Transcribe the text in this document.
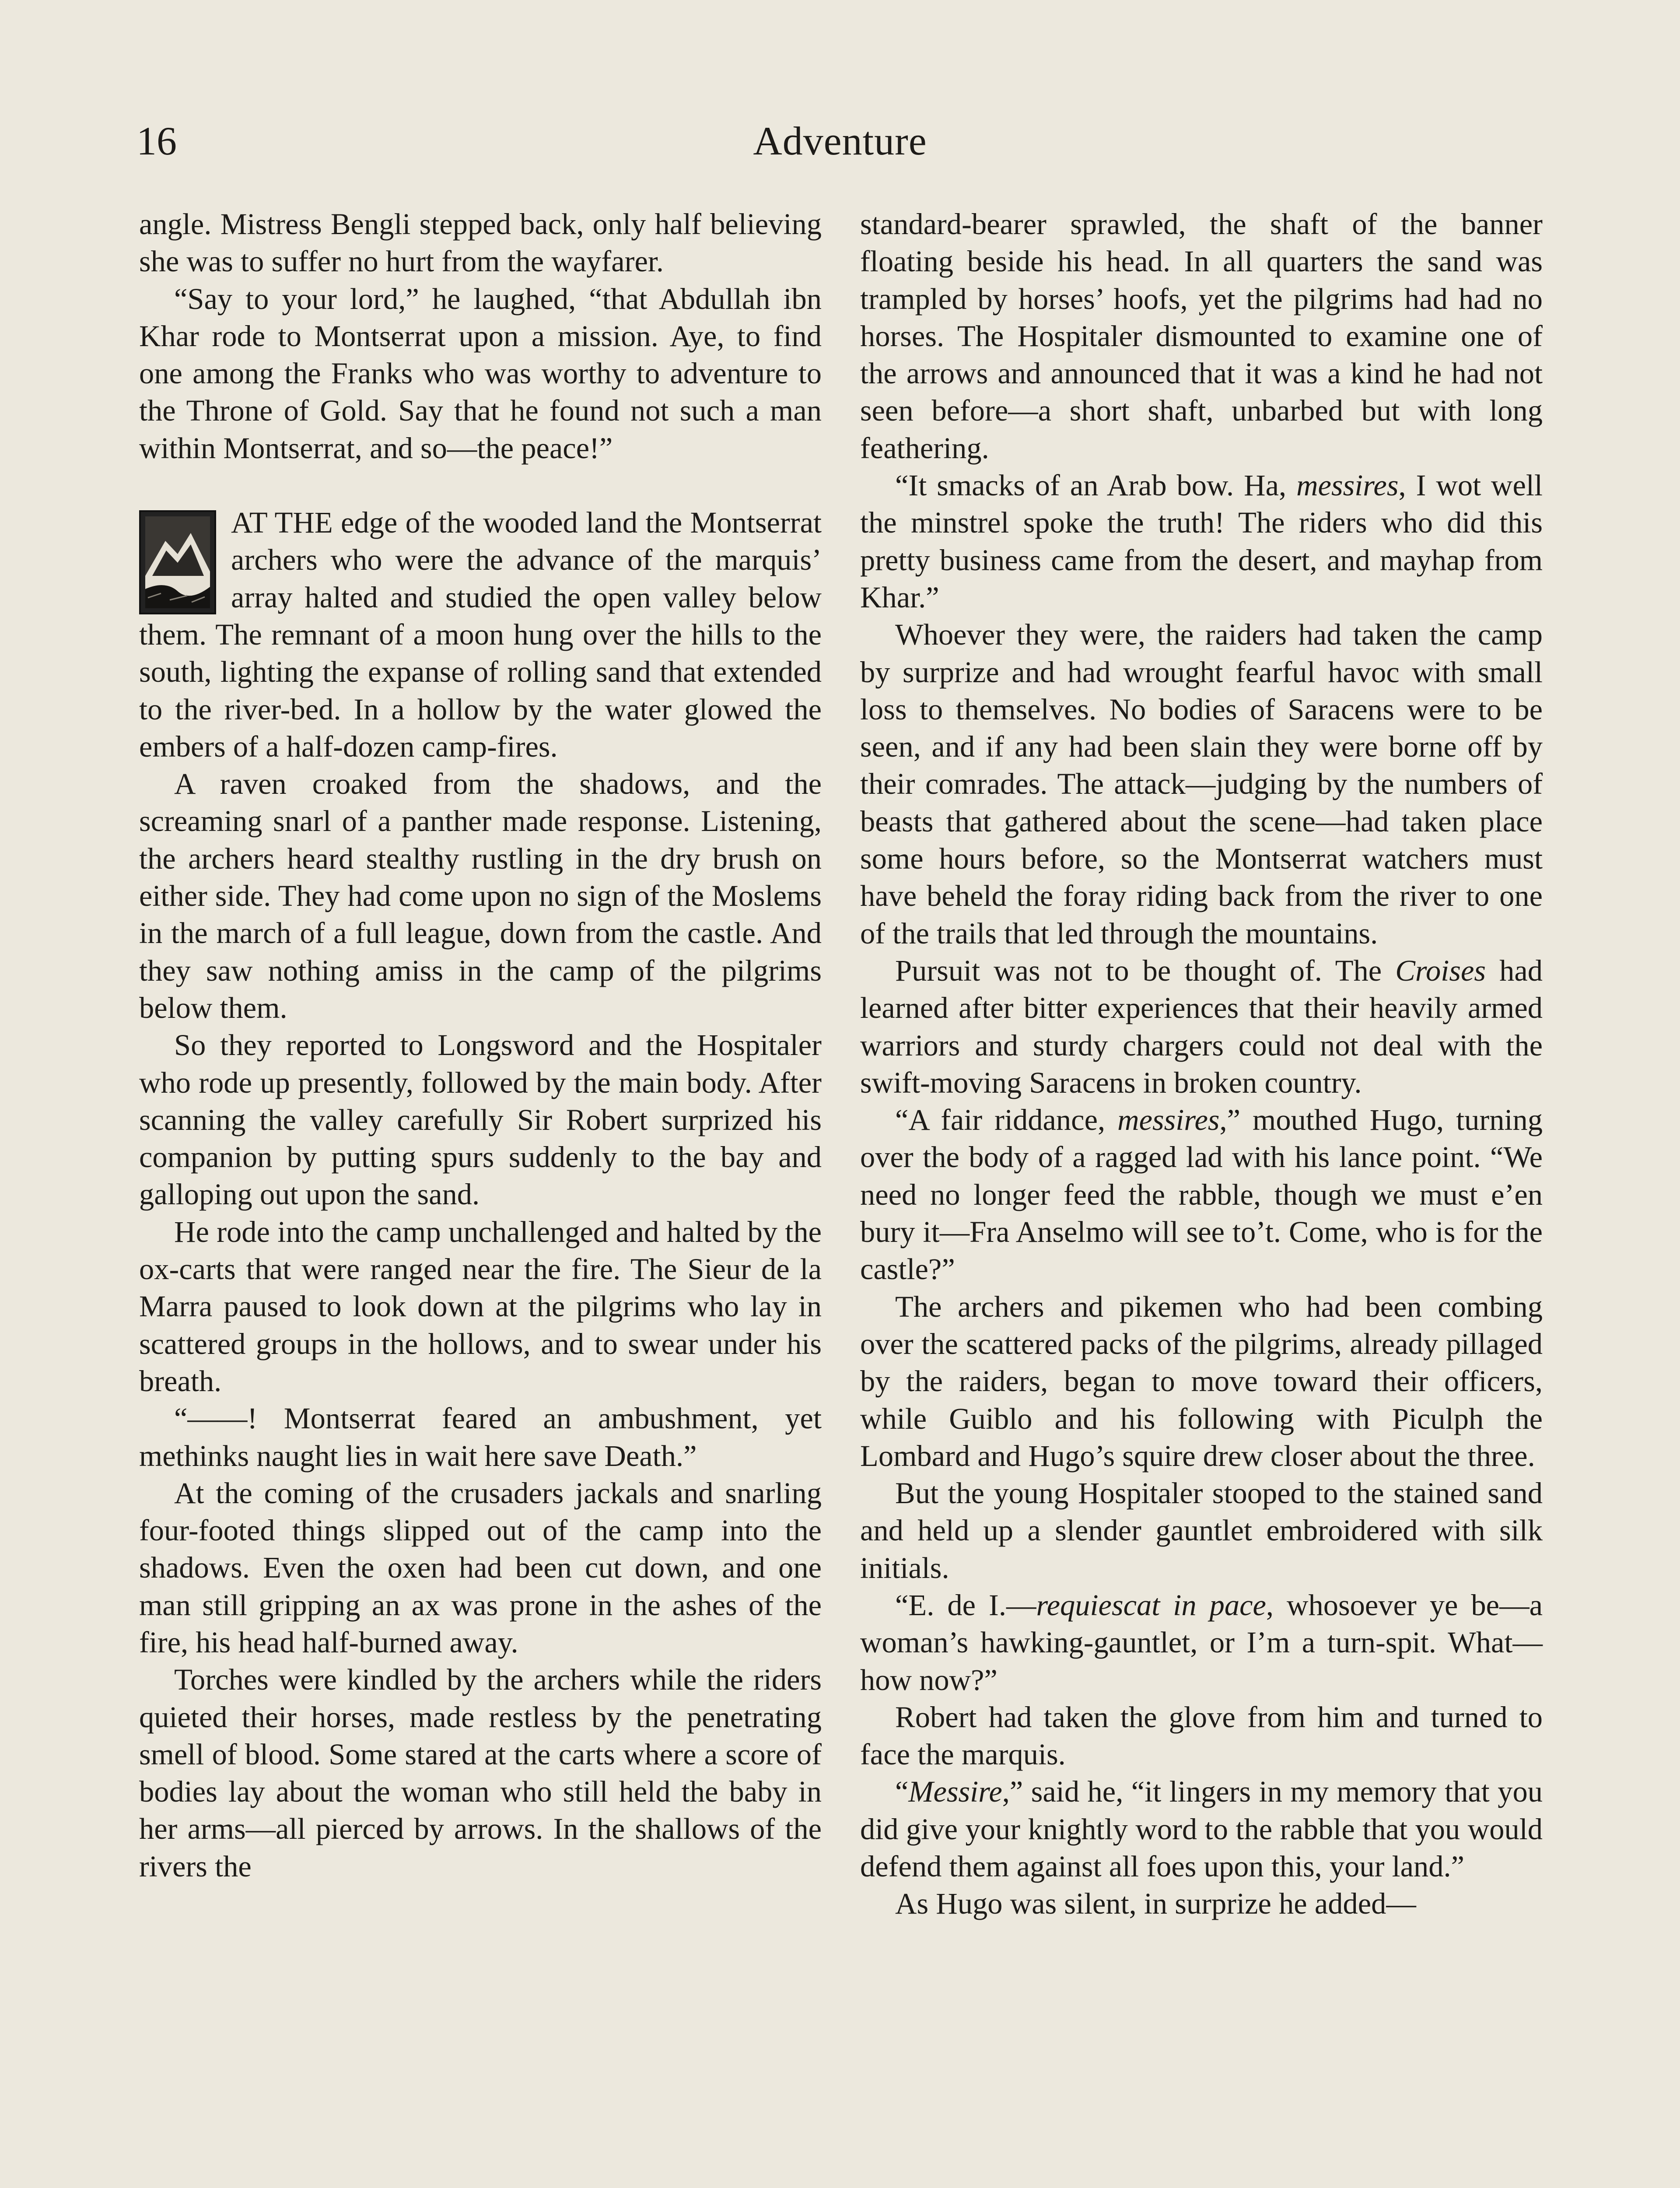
16	Adventure

angle. Mistress Bengli stepped back, only half believing she was to suffer no hurt from the wayfarer.

“Say to your lord,” he laughed, “that Abdullah ibn Khar rode to Montserrat upon a mission. Aye, to find one among the Franks who was worthy to adventure to the Throne of Gold. Say that he found not such a man within Montserrat, and so—the peace!”

AT THE edge of the wooded land the Montserrat archers who were the advance of the marquis’ array halted and studied the open valley below them. The remnant of a moon hung over the hills to the south, lighting the expanse of rolling sand that extended to the river-bed. In a hollow by the water glowed the embers of a half-dozen camp-fires.

A raven croaked from the shadows, and the screaming snarl of a panther made response. Listening, the archers heard stealthy rustling in the dry brush on either side. They had come upon no sign of the Moslems in the march of a full league, down from the castle. And they saw nothing amiss in the camp of the pilgrims below them.

So they reported to Longsword and the Hospitaler who rode up presently, followed by the main body. After scanning the valley carefully Sir Robert surprized his companion by putting spurs suddenly to the bay and galloping out upon the sand.

He rode into the camp unchallenged and halted by the ox-carts that were ranged near the fire. The Sieur de la Marra paused to look down at the pilgrims who lay in scattered groups in the hollows, and to swear under his breath.

“——! Montserrat feared an ambushment, yet methinks naught lies in wait here save Death.”

At the coming of the crusaders jackals and snarling four-footed things slipped out of the camp into the shadows. Even the oxen had been cut down, and one man still gripping an ax was prone in the ashes of the fire, his head half-burned away.

Torches were kindled by the archers while the riders quieted their horses, made restless by the penetrating smell of blood. Some stared at the carts where a score of bodies lay about the woman who still held the baby in her arms—all pierced by arrows. In the shallows of the rivers the

standard-bearer sprawled, the shaft of the banner floating beside his head. In all quarters the sand was trampled by horses’ hoofs, yet the pilgrims had had no horses. The Hospitaler dismounted to examine one of the arrows and announced that it was a kind he had not seen before—a short shaft, unbarbed but with long feathering.

“It smacks of an Arab bow. Ha, messires, I wot well the minstrel spoke the truth! The riders who did this pretty business came from the desert, and mayhap from Khar.”

Whoever they were, the raiders had taken the camp by surprize and had wrought fearful havoc with small loss to themselves. No bodies of Saracens were to be seen, and if any had been slain they were borne off by their comrades. The attack—judging by the numbers of beasts that gathered about the scene—had taken place some hours before, so the Montserrat watchers must have beheld the foray riding back from the river to one of the trails that led through the mountains.

Pursuit was not to be thought of. The Croises had learned after bitter experiences that their heavily armed warriors and sturdy chargers could not deal with the swift-moving Saracens in broken country.

“A fair riddance, messires,” mouthed Hugo, turning over the body of a ragged lad with his lance point. “We need no longer feed the rabble, though we must e’en bury it—Fra Anselmo will see to’t. Come, who is for the castle?”

The archers and pikemen who had been combing over the scattered packs of the pilgrims, already pillaged by the raiders, began to move toward their officers, while Guiblo and his following with Piculph the Lombard and Hugo’s squire drew closer about the three.

But the young Hospitaler stooped to the stained sand and held up a slender gauntlet embroidered with silk initials.

“E. de I.—requiescat in pace, whosoever ye be—a woman’s hawking-gauntlet, or I’m a turn-spit. What—how now?”

Robert had taken the glove from him and turned to face the marquis.

“Messire,” said he, “it lingers in my memory that you did give your knightly word to the rabble that you would defend them against all foes upon this, your land.”

As Hugo was silent, in surprize he added—
